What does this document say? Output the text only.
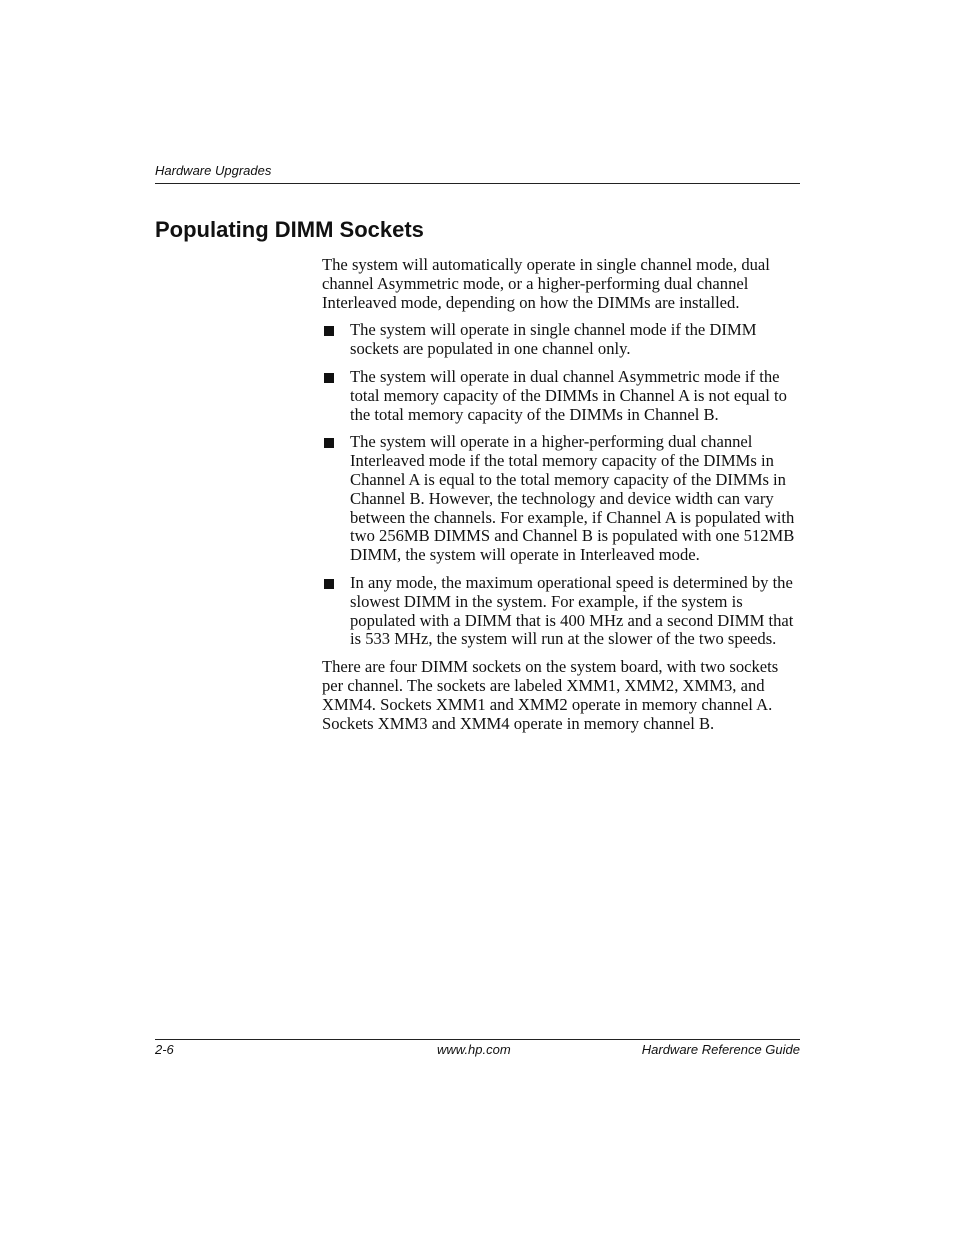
Hardware Upgrades
Populating DIMM Sockets

The system will automatically operate in single channel mode, dual channel Asymmetric mode, or a higher-performing dual channel Interleaved mode, depending on how the DIMMs are installed.

The system will operate in single channel mode if the DIMM sockets are populated in one channel only.
The system will operate in dual channel Asymmetric mode if the total memory capacity of the DIMMs in Channel A is not equal to the total memory capacity of the DIMMs in Channel B.
The system will operate in a higher-performing dual channel Interleaved mode if the total memory capacity of the DIMMs in Channel A is equal to the total memory capacity of the DIMMs in Channel B. However, the technology and device width can vary between the channels. For example, if Channel A is populated with two 256MB DIMMS and Channel B is populated with one 512MB DIMM, the system will operate in Interleaved mode.
In any mode, the maximum operational speed is determined by the slowest DIMM in the system. For example, if the system is populated with a DIMM that is 400 MHz and a second DIMM that is 533 MHz, the system will run at the slower of the two speeds.

There are four DIMM sockets on the system board, with two sockets per channel. The sockets are labeled XMM1, XMM2, XMM3, and XMM4. Sockets XMM1 and XMM2 operate in memory channel A. Sockets XMM3 and XMM4 operate in memory channel B.

2-6	www.hp.com	Hardware Reference Guide
